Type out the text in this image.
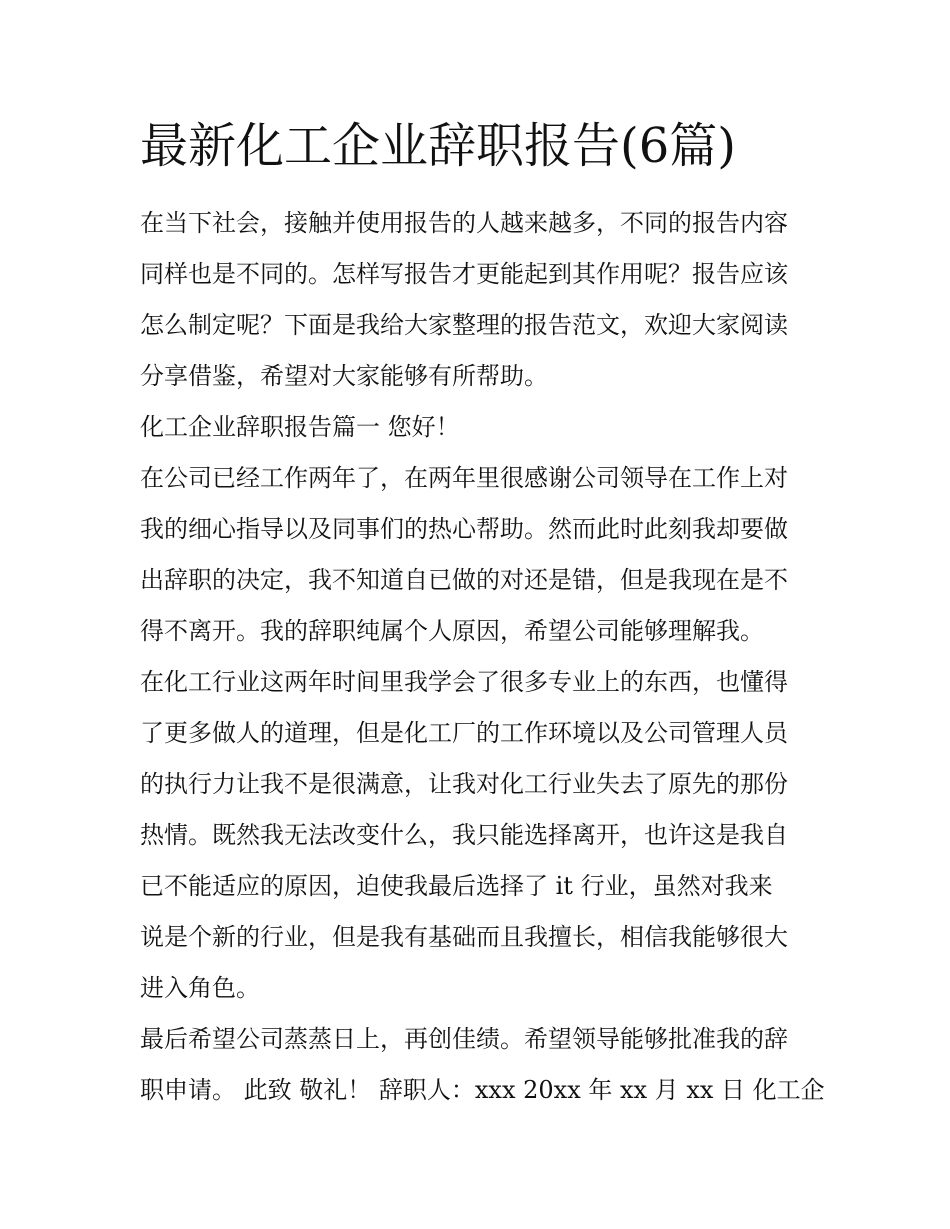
最新化工企业辞职报告(6篇)
在当下社会，接触并使用报告的人越来越多，不同的报告内容
同样也是不同的。怎样写报告才更能起到其作用呢？报告应该
怎么制定呢？下面是我给大家整理的报告范文，欢迎大家阅读
分享借鉴，希望对大家能够有所帮助。
化工企业辞职报告篇一 您好！
在公司已经工作两年了，在两年里很感谢公司领导在工作上对
我的细心指导以及同事们的热心帮助。然而此时此刻我却要做
出辞职的决定，我不知道自已做的对还是错，但是我现在是不
得不离开。我的辞职纯属个人原因，希望公司能够理解我。
在化工行业这两年时间里我学会了很多专业上的东西，也懂得
了更多做人的道理，但是化工厂的工作环境以及公司管理人员
的执行力让我不是很满意，让我对化工行业失去了原先的那份
热情。既然我无法改变什么，我只能选择离开，也许这是我自
已不能适应的原因，迫使我最后选择了 it 行业，虽然对我来
说是个新的行业，但是我有基础而且我擅长，相信我能够很大
进入角色。
最后希望公司蒸蒸日上，再创佳绩。希望领导能够批准我的辞
职申请。 此致 敬礼！ 辞职人：xxx 20xx 年 xx 月 xx 日 化工企
